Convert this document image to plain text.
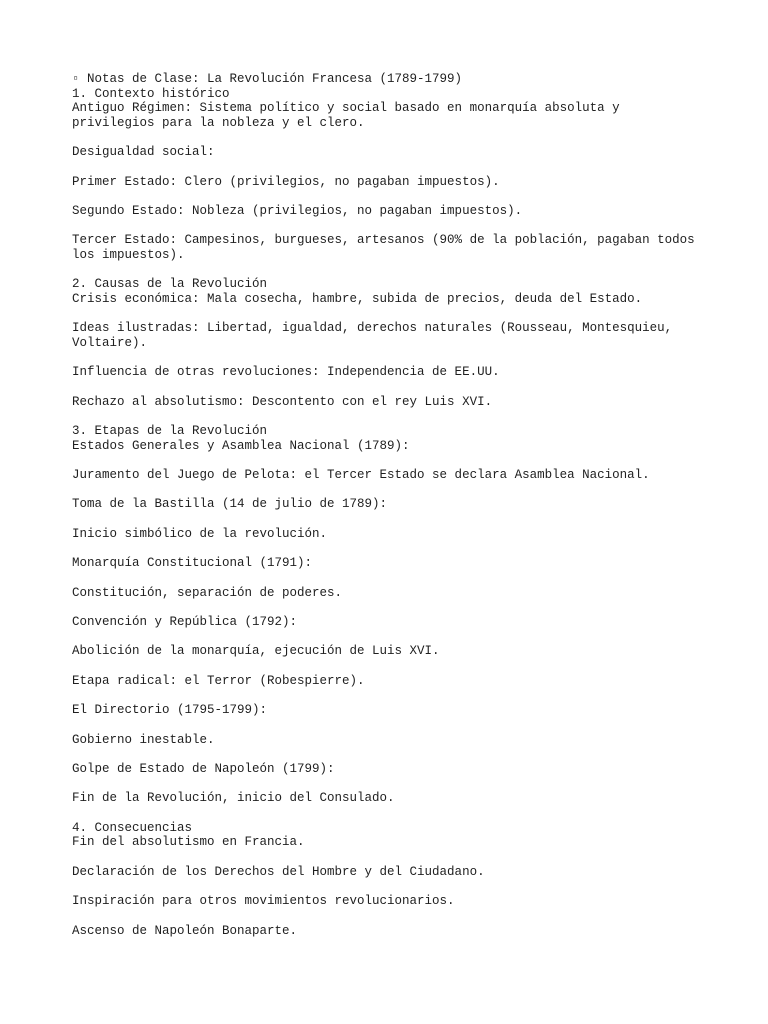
▫ Notas de Clase: La Revolución Francesa (1789-1799)
1. Contexto histórico
Antiguo Régimen: Sistema político y social basado en monarquía absoluta y
privilegios para la nobleza y el clero.
Desigualdad social:
Primer Estado: Clero (privilegios, no pagaban impuestos).
Segundo Estado: Nobleza (privilegios, no pagaban impuestos).
Tercer Estado: Campesinos, burgueses, artesanos (90% de la población, pagaban todos
los impuestos).
2. Causas de la Revolución
Crisis económica: Mala cosecha, hambre, subida de precios, deuda del Estado.
Ideas ilustradas: Libertad, igualdad, derechos naturales (Rousseau, Montesquieu,
Voltaire).
Influencia de otras revoluciones: Independencia de EE.UU.
Rechazo al absolutismo: Descontento con el rey Luis XVI.
3. Etapas de la Revolución
Estados Generales y Asamblea Nacional (1789):
Juramento del Juego de Pelota: el Tercer Estado se declara Asamblea Nacional.
Toma de la Bastilla (14 de julio de 1789):
Inicio simbólico de la revolución.
Monarquía Constitucional (1791):
Constitución, separación de poderes.
Convención y República (1792):
Abolición de la monarquía, ejecución de Luis XVI.
Etapa radical: el Terror (Robespierre).
El Directorio (1795-1799):
Gobierno inestable.
Golpe de Estado de Napoleón (1799):
Fin de la Revolución, inicio del Consulado.
4. Consecuencias
Fin del absolutismo en Francia.
Declaración de los Derechos del Hombre y del Ciudadano.
Inspiración para otros movimientos revolucionarios.
Ascenso de Napoleón Bonaparte.
